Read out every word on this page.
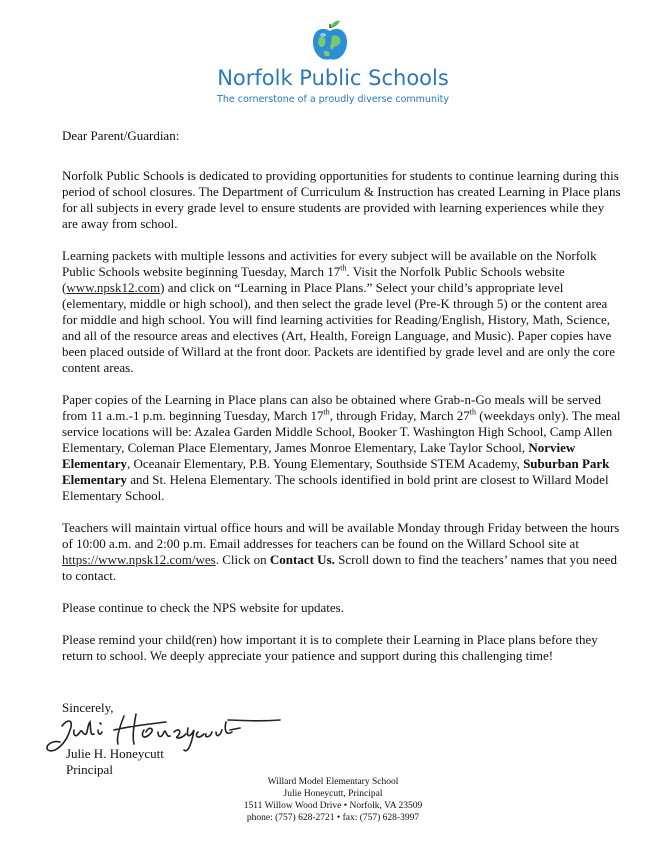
Norfolk Public Schools
The cornerstone of a proudly diverse community

Dear Parent/Guardian:

Norfolk Public Schools is dedicated to providing opportunities for students to continue learning during this period of school closures. The Department of Curriculum & Instruction has created Learning in Place plans for all subjects in every grade level to ensure students are provided with learning experiences while they are away from school.

Learning packets with multiple lessons and activities for every subject will be available on the Norfolk Public Schools website beginning Tuesday, March 17th. Visit the Norfolk Public Schools website (www.npsk12.com) and click on “Learning in Place Plans.” Select your child’s appropriate level (elementary, middle or high school), and then select the grade level (Pre-K through 5) or the content area for middle and high school. You will find learning activities for Reading/English, History, Math, Science, and all of the resource areas and electives (Art, Health, Foreign Language, and Music). Paper copies have been placed outside of Willard at the front door. Packets are identified by grade level and are only the core content areas.

Paper copies of the Learning in Place plans can also be obtained where Grab-n-Go meals will be served from 11 a.m.-1 p.m. beginning Tuesday, March 17th, through Friday, March 27th (weekdays only). The meal service locations will be: Azalea Garden Middle School, Booker T. Washington High School, Camp Allen Elementary, Coleman Place Elementary, James Monroe Elementary, Lake Taylor School, Norview Elementary, Oceanair Elementary, P.B. Young Elementary, Southside STEM Academy, Suburban Park Elementary and St. Helena Elementary. The schools identified in bold print are closest to Willard Model Elementary School.

Teachers will maintain virtual office hours and will be available Monday through Friday between the hours of 10:00 a.m. and 2:00 p.m. Email addresses for teachers can be found on the Willard School site at https://www.npsk12.com/wes. Click on Contact Us. Scroll down to find the teachers’ names that you need to contact.

Please continue to check the NPS website for updates.

Please remind your child(ren) how important it is to complete their Learning in Place plans before they return to school. We deeply appreciate your patience and support during this challenging time!

Sincerely,
Julie H. Honeycutt
Principal
Willard Model Elementary School
Julie Honeycutt, Principal
1511 Willow Wood Drive • Norfolk, VA 23509
phone: (757) 628-2721 • fax: (757) 628-3997
